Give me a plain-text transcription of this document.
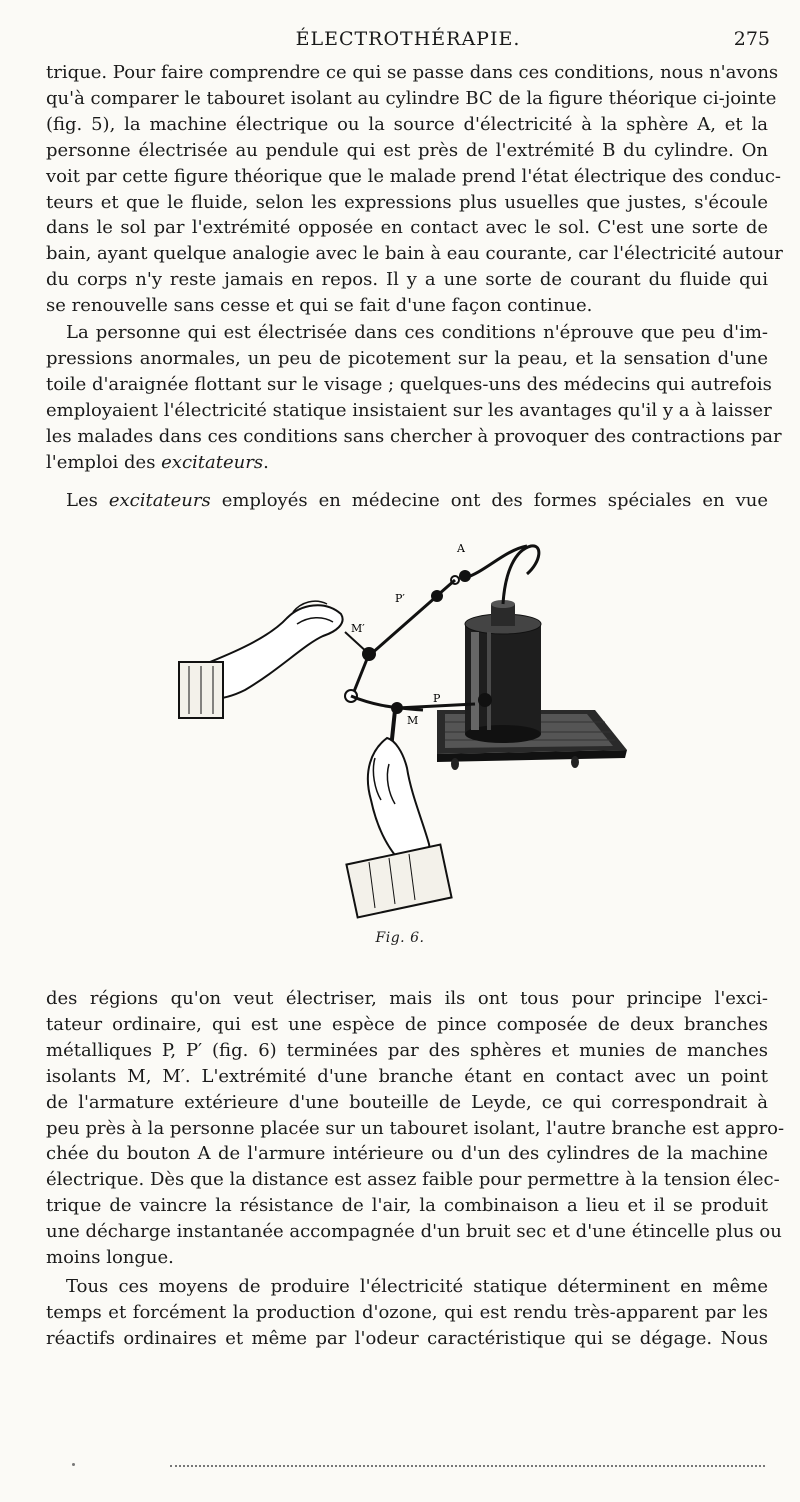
ÉLECTROTHÉRAPIE.	275
trique. Pour faire comprendre ce qui se passe dans ces conditions, nous n'avons
qu'à comparer le tabouret isolant au cylindre BC de la figure théorique ci-jointe
(fig. 5), la machine électrique ou la source d'électricité à la sphère A, et la
personne électrisée au pendule qui est près de l'extrémité B du cylindre. On
voit par cette figure théorique que le malade prend l'état électrique des conduc-
teurs et que le fluide, selon les expressions plus usuelles que justes, s'écoule
dans le sol par l'extrémité opposée en contact avec le sol. C'est une sorte de
bain, ayant quelque analogie avec le bain à eau courante, car l'électricité autour
du corps n'y reste jamais en repos. Il y a une sorte de courant du fluide qui
se renouvelle sans cesse et qui se fait d'une façon continue.
La personne qui est électrisée dans ces conditions n'éprouve que peu d'im-
pressions anormales, un peu de picotement sur la peau, et la sensation d'une
toile d'araignée flottant sur le visage ; quelques-uns des médecins qui autrefois
employaient l'électricité statique insistaient sur les avantages qu'il y a à laisser
les malades dans ces conditions sans chercher à provoquer des contractions par
l'emploi des excitateurs.
Les excitateurs employés en médecine ont des formes spéciales en vue
A
P′
M′
P
M
Fig. 6.
des régions qu'on veut électriser, mais ils ont tous pour principe l'exci-
tateur ordinaire, qui est une espèce de pince composée de deux branches
métalliques P, P′ (fig. 6) terminées par des sphères et munies de manches
isolants M, M′. L'extrémité d'une branche étant en contact avec un point
de l'armature extérieure d'une bouteille de Leyde, ce qui correspondrait à
peu près à la personne placée sur un tabouret isolant, l'autre branche est appro-
chée du bouton A de l'armure intérieure ou d'un des cylindres de la machine
électrique. Dès que la distance est assez faible pour permettre à la tension élec-
trique de vaincre la résistance de l'air, la combinaison a lieu et il se produit
une décharge instantanée accompagnée d'un bruit sec et d'une étincelle plus ou
moins longue.
Tous ces moyens de produire l'électricité statique déterminent en même
temps et forcément la production d'ozone, qui est rendu très-apparent par les
réactifs ordinaires et même par l'odeur caractéristique qui se dégage. Nous
